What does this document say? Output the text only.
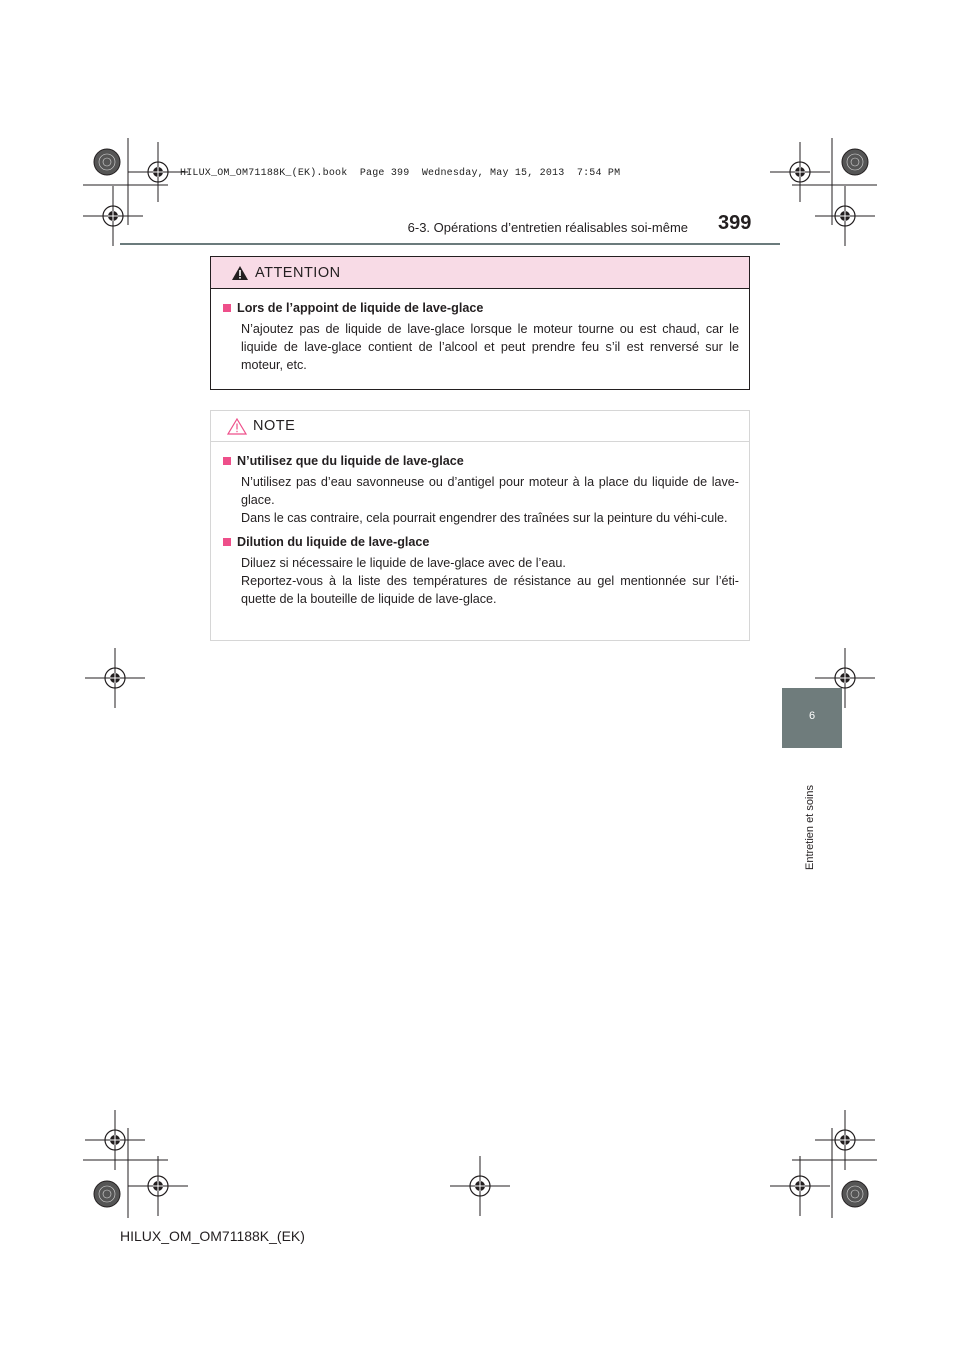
HILUX_OM_OM71188K_(EK).book  Page 399  Wednesday, May 15, 2013  7:54 PM
6-3. Opérations d’entretien réalisables soi-même 399
6
Entretien et soins
ATTENTION
Lors de l’appoint de liquide de lave-glace
N’ajoutez pas de liquide de lave-glace lorsque le moteur tourne ou est chaud, car le liquide de lave-glace contient de l’alcool et peut prendre feu s’il est renversé sur le moteur, etc.
NOTE
N’utilisez que du liquide de lave-glace
N’utilisez pas d’eau savonneuse ou d’antigel pour moteur à la place du liquide de lave-glace.
Dans le cas contraire, cela pourrait engendrer des traînées sur la peinture du véhi-cule.
Dilution du liquide de lave-glace
Diluez si nécessaire le liquide de lave-glace avec de l’eau.
Reportez-vous à la liste des températures de résistance au gel mentionnée sur l’éti-quette de la bouteille de liquide de lave-glace.
HILUX_OM_OM71188K_(EK)
